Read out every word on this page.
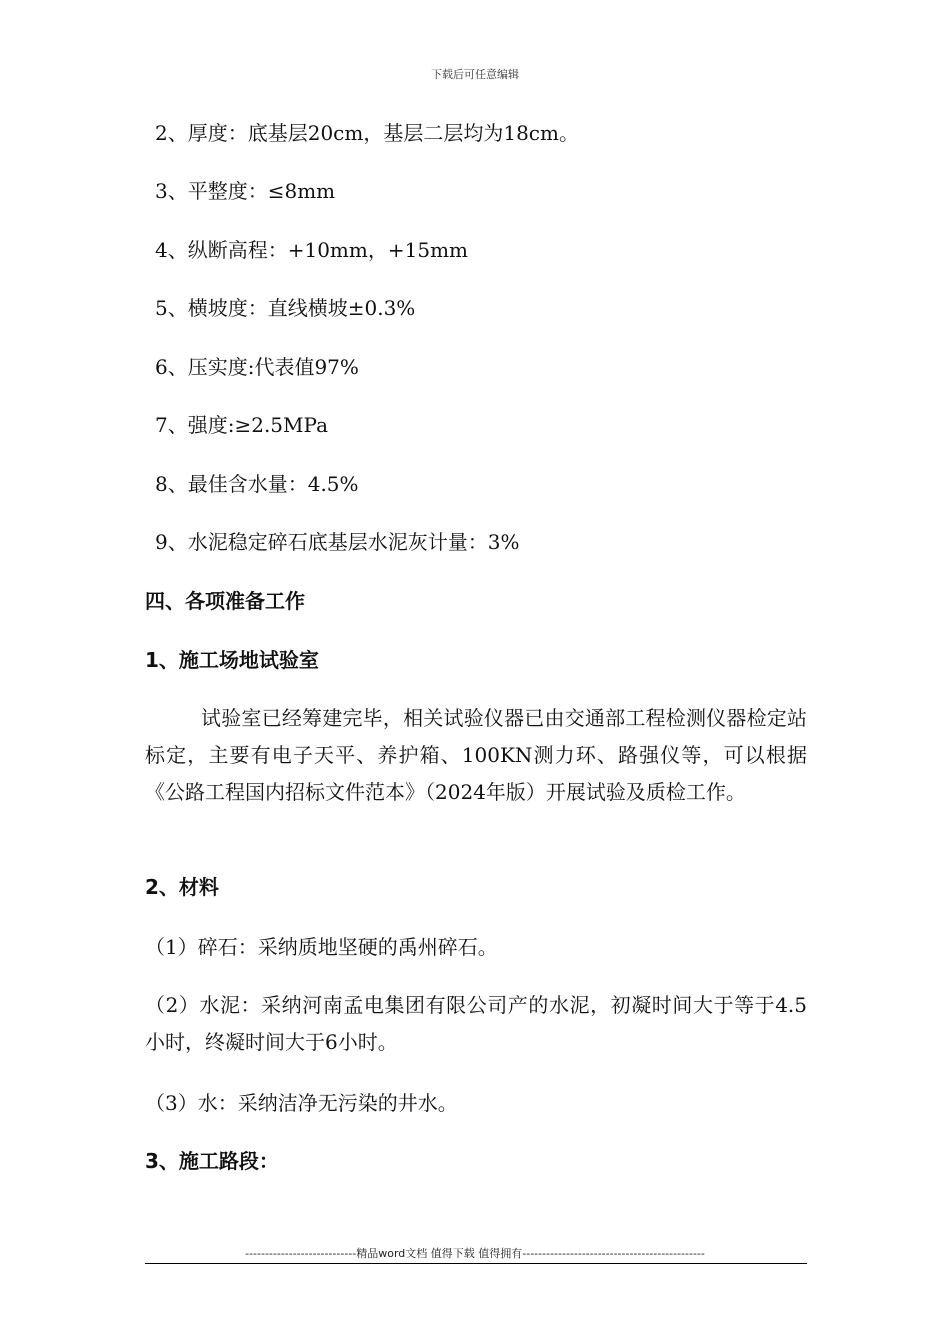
下载后可任意编辑
2、厚度：底基层20cm，基层二层均为18cm。
3、平整度：≤8mm
4、纵断高程：+10mm，+15mm
5、横坡度：直线横坡±0.3%
6、压实度:代表值97%
7、强度:≥2.5MPa
8、最佳含水量：4.5%
9、水泥稳定碎石底基层水泥灰计量：3%
四、各项准备工作
1、施工场地试验室
试验室已经筹建完毕，相关试验仪器已由交通部工程检测仪器检定站标定，主要有电子天平、养护箱、100KN测力环、路强仪等，可以根据《公路工程国内招标文件范本》（2024年版）开展试验及质检工作。
2、材料
（1）碎石：采纳质地坚硬的禹州碎石。
（2）水泥：采纳河南孟电集团有限公司产的水泥，初凝时间大于等于4.5小时，终凝时间大于6小时。
（3）水：采纳洁净无污染的井水。
3、施工路段：
----------------------------精品word文档 值得下载 值得拥有----------------------------------------------
